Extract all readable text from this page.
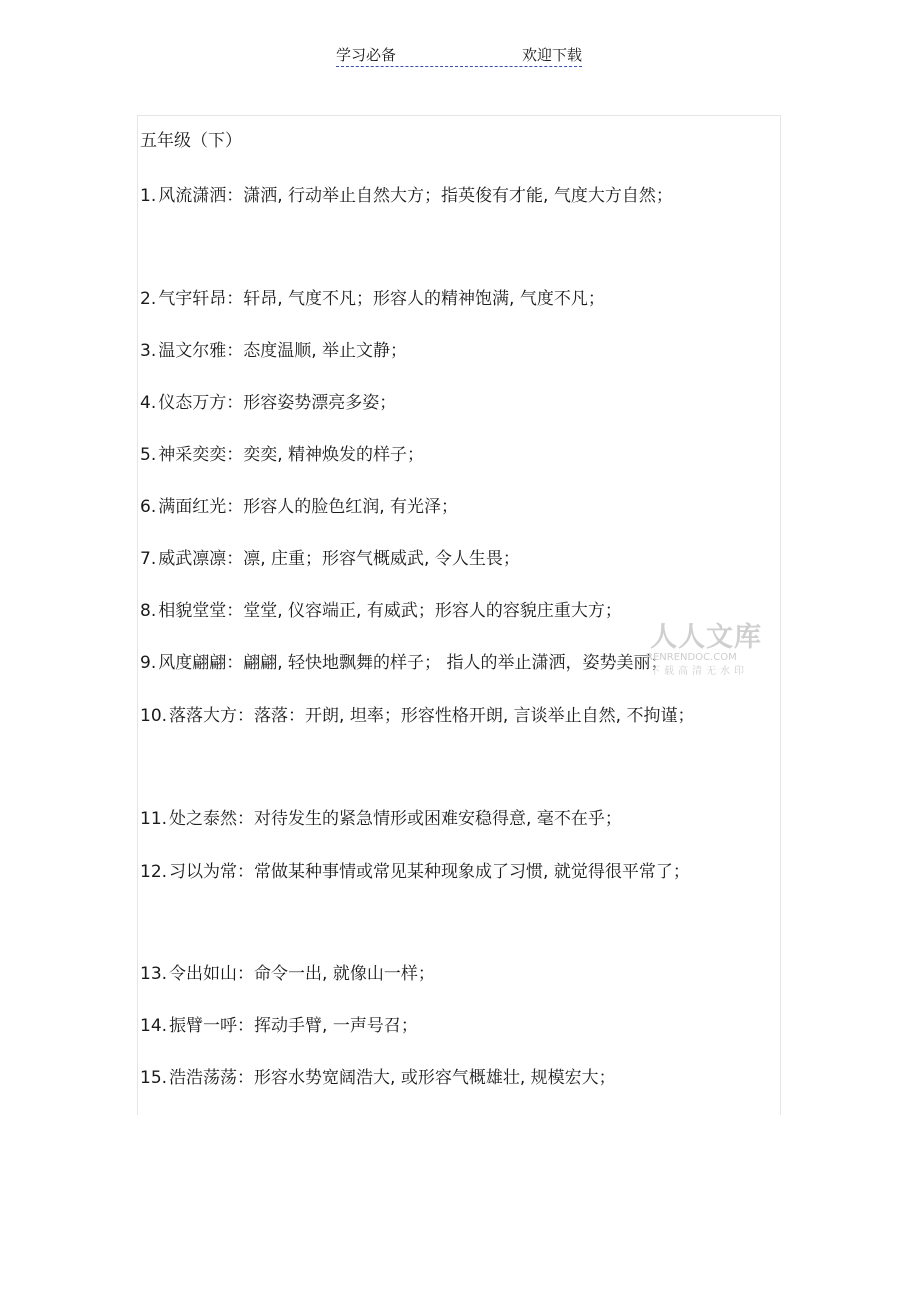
学习必备	欢迎下载
五年级（下）
1. 风流潇洒：潇洒, 行动举止自然大方；指英俊有才能, 气度大方自然；
2. 气宇轩昂：轩昂, 气度不凡；形容人的精神饱满, 气度不凡；
3. 温文尔雅：态度温顺, 举止文静；
4. 仪态万方：形容姿势漂亮多姿；
5. 神采奕奕：奕奕, 精神焕发的样子；
6. 满面红光：形容人的脸色红润, 有光泽；
7. 威武凛凛：凛, 庄重；形容气概威武, 令人生畏；
8. 相貌堂堂：堂堂, 仪容端正, 有威武；形容人的容貌庄重大方；
9. 风度翩翩：翩翩, 轻快地飘舞的样子； 指人的举止潇洒，姿势美丽；
10. 落落大方：落落：开朗, 坦率；形容性格开朗, 言谈举止自然, 不拘谨；
11. 处之泰然：对待发生的紧急情形或困难安稳得意, 毫不在乎；
12. 习以为常：常做某种事情或常见某种现象成了习惯, 就觉得很平常了；
13. 令出如山：命令一出, 就像山一样；
14. 振臂一呼：挥动手臂, 一声号召；
15. 浩浩荡荡：形容水势宽阔浩大, 或形容气概雄壮, 规模宏大；
人人文库
RENRENDOC.COM
下载高清无水印
